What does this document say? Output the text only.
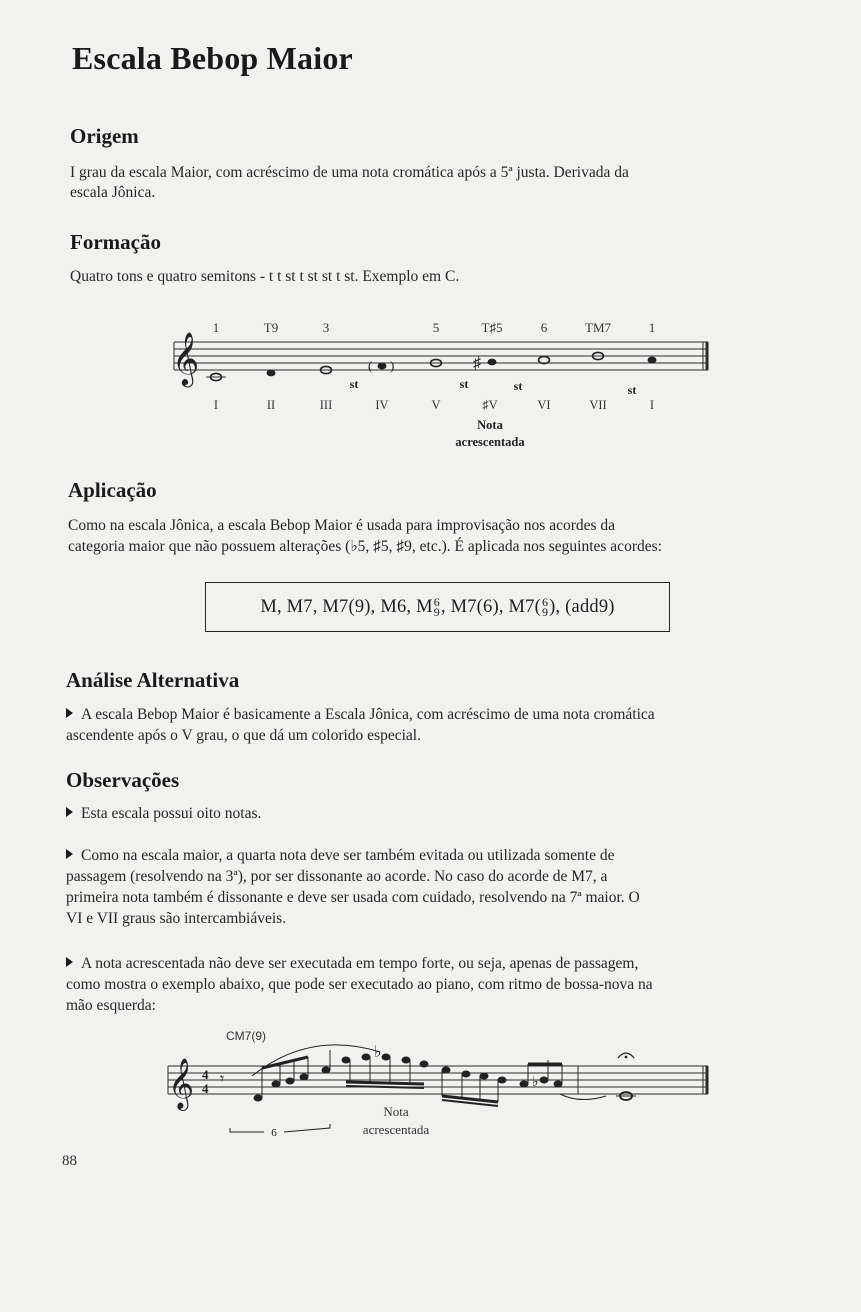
Escala Bebop Maior
Origem
I grau da escala Maior, com acréscimo de uma nota cromática após a 5ª justa. Derivada da
escala Jônica.
Formação
Quatro tons e quatro semitons - t t st t st st t st. Exemplo em C.
𝄞	( )	♯
1	T9	3	5	T♯5	6	TM7	1
st	st	st	st
I	II	III	IV	V	♯V	VI	VII	I
Nota
acrescentada
Aplicação
Como na escala Jônica, a escala Bebop Maior é usada para improvisação nos acordes da
categoria maior que não possuem alterações (♭5, ♯5, ♯9, etc.). É aplicada nos seguintes acordes:
M, M7, M7(9), M6, M 6
9 , M7(6), M7( 6
9 ), (add9)
Análise Alternativa
A escala Bebop Maior é basicamente a Escala Jônica, com acréscimo de uma nota cromática
ascendente após o V grau, o que dá um colorido especial.
Observações
Esta escala possui oito notas.
Como na escala maior, a quarta nota deve ser também evitada ou utilizada somente de
passagem (resolvendo na 3ª), por ser dissonante ao acorde. No caso do acorde de M7, a
primeira nota também é dissonante e deve ser usada com cuidado, resolvendo na 7ª maior. O
VI e VII graus são intercambiáveis.
A nota acrescentada não deve ser executada em tempo forte, ou seja, apenas de passagem,
como mostra o exemplo abaixo, que pode ser executado ao piano, com ritmo de bossa-nova na
mão esquerda:
CM7(9)
𝄞 4
4
𝄾
♭
♭
6
Nota
acrescentada
88
